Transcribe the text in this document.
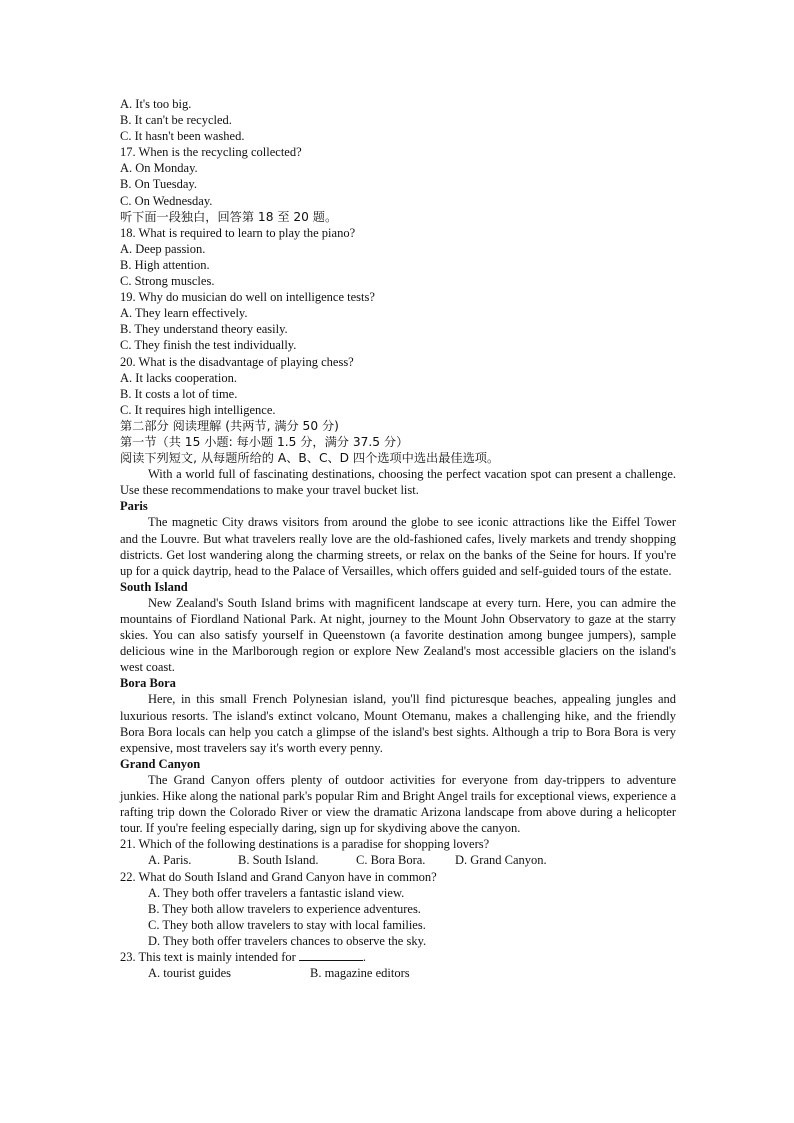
A. It's too big.
B. It can't be recycled.
C. It hasn't been washed.
17. When is the recycling collected?
A. On Monday.
B. On Tuesday.
C. On Wednesday.
听下面一段独白，回答第 18 至 20 题。
18. What is required to learn to play the piano?
A. Deep passion.
B. High attention.
C. Strong muscles.
19. Why do musician do well on intelligence tests?
A. They learn effectively.
B. They understand theory easily.
C. They finish the test individually.
20. What is the disadvantage of playing chess?
A. It lacks cooperation.
B. It costs a lot of time.
C. It requires high intelligence.
第二部分 阅读理解 (共两节, 满分 50 分)
第一节（共 15 小题: 每小题 1.5 分，满分 37.5 分）
阅读下列短文, 从每题所给的 A、B、C、D 四个选项中选出最佳选项。
With a world full of fascinating destinations, choosing the perfect vacation spot can present a challenge. Use these recommendations to make your travel bucket list.
Paris
The magnetic City draws visitors from around the globe to see iconic attractions like the Eiffel Tower and the Louvre. But what travelers really love are the old-fashioned cafes, lively markets and trendy shopping districts. Get lost wandering along the charming streets, or relax on the banks of the Seine for hours. If you're up for a quick daytrip, head to the Palace of Versailles, which offers guided and self-guided tours of the estate.
South Island
New Zealand's South Island brims with magnificent landscape at every turn. Here, you can admire the mountains of Fiordland National Park. At night, journey to the Mount John Observatory to gaze at the starry skies. You can also satisfy yourself in Queenstown (a favorite destination among bungee jumpers), sample delicious wine in the Marlborough region or explore New Zealand's most accessible glaciers on the island's west coast.
Bora Bora
Here, in this small French Polynesian island, you'll find picturesque beaches, appealing jungles and luxurious resorts. The island's extinct volcano, Mount Otemanu, makes a challenging hike, and the friendly Bora Bora locals can help you catch a glimpse of the island's best sights. Although a trip to Bora Bora is very expensive, most travelers say it's worth every penny.
Grand Canyon
The Grand Canyon offers plenty of outdoor activities for everyone from day-trippers to adventure junkies. Hike along the national park's popular Rim and Bright Angel trails for exceptional views, experience a rafting trip down the Colorado River or view the dramatic Arizona landscape from above during a helicopter tour. If you're feeling especially daring, sign up for skydiving above the canyon.
21. Which of the following destinations is a paradise for shopping lovers?
A. Paris.	B. South Island.	C. Bora Bora.	D. Grand Canyon.
22. What do South Island and Grand Canyon have in common?
A. They both offer travelers a fantastic island view.
B. They both allow travelers to experience adventures.
C. They both allow travelers to stay with local families.
D. They both offer travelers chances to observe the sky.
23. This text is mainly intended for	.
A. tourist guides	B. magazine editors
